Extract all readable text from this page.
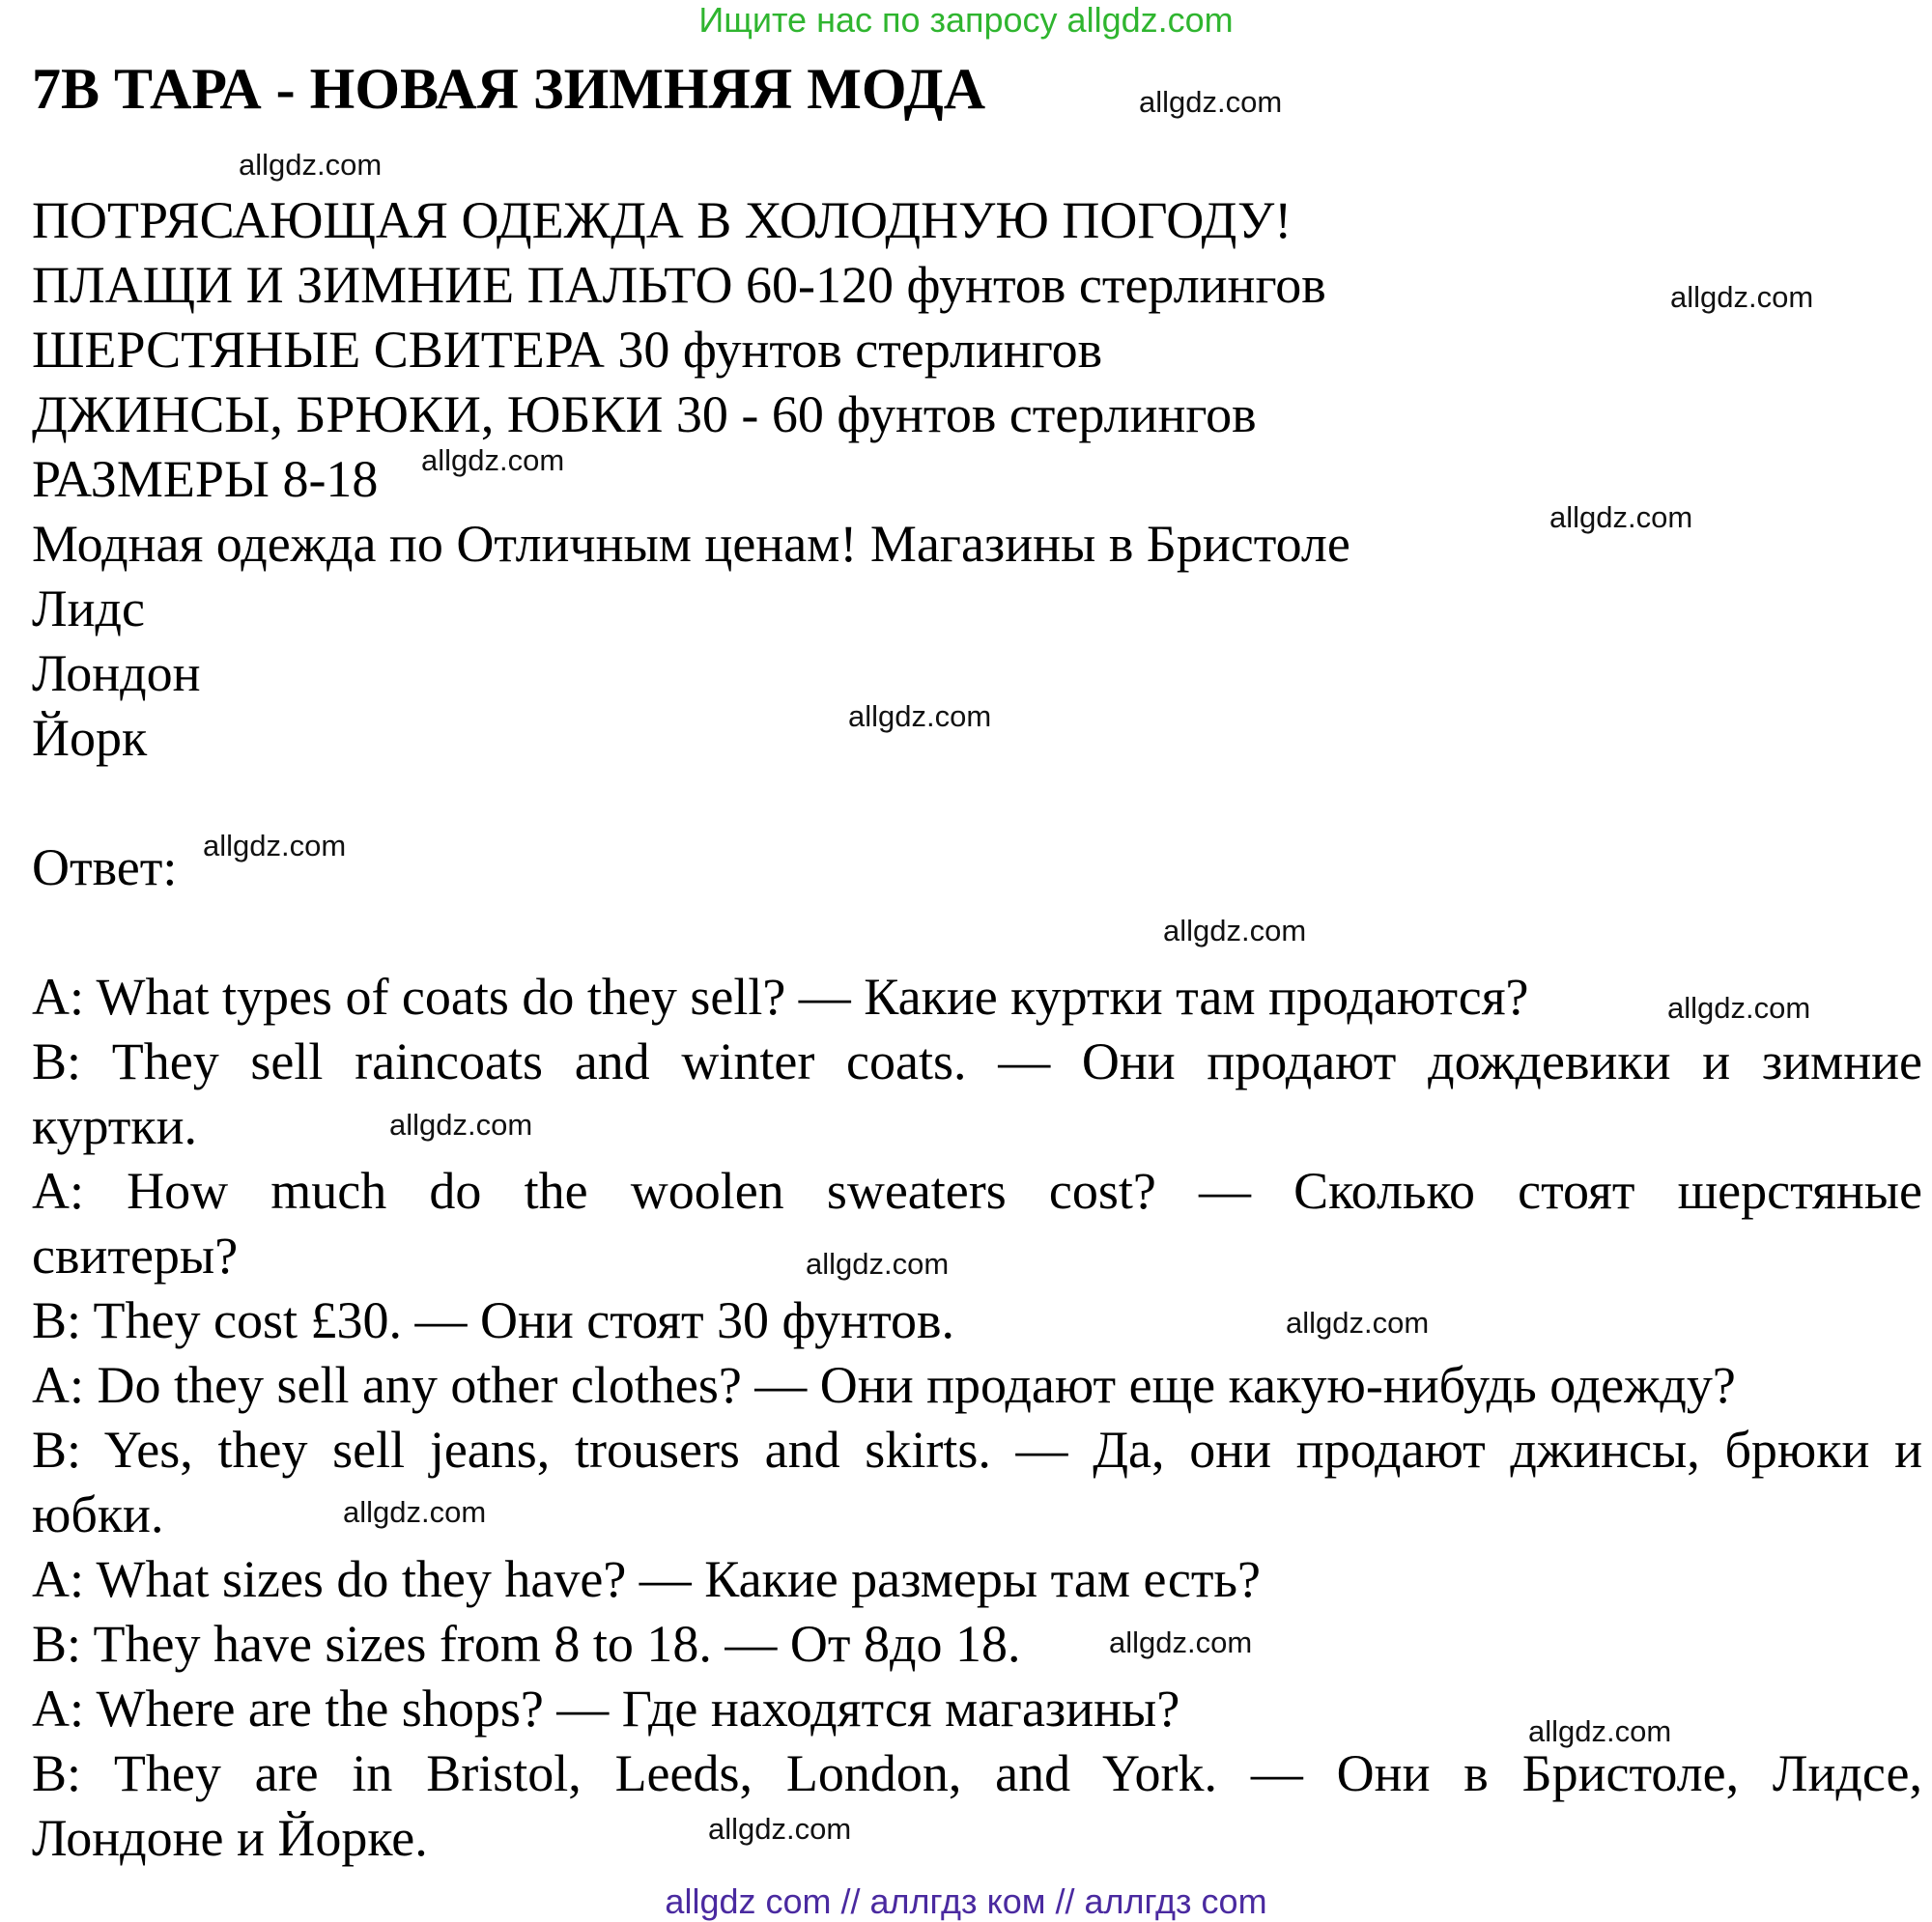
Ищите нас по запросу allgdz.com
7B ТАРА - НОВАЯ ЗИМНЯЯ МОДА
ПОТРЯСАЮЩАЯ ОДЕЖДА В ХОЛОДНУЮ ПОГОДУ!
ПЛАЩИ И ЗИМНИЕ ПАЛЬТО 60-120 фунтов стерлингов
ШЕРСТЯНЫЕ СВИТЕРА 30 фунтов стерлингов
ДЖИНСЫ, БРЮКИ, ЮБКИ 30 - 60 фунтов стерлингов
РАЗМЕРЫ 8-18
Модная одежда по Отличным ценам! Магазины в Бристоле
Лидс
Лондон
Йорк
Ответ:
A: What types of coats do they sell? — Какие куртки там продаются?
B: They sell raincoats and winter coats. — Они продают дождевики и зимние
куртки.
A: How much do the woolen sweaters cost? — Сколько стоят шерстяные
свитеры?
B: They cost £30. — Они стоят 30 фунтов.
A: Do they sell any other clothes? — Они продают еще какую-нибудь одежду?
B: Yes, they sell jeans, trousers and skirts. — Да, они продают джинсы, брюки и
юбки.
A: What sizes do they have? — Какие размеры там есть?
B: They have sizes from 8 to 18. — От 8до 18.
A: Where are the shops? — Где находятся магазины?
B: They are in Bristol, Leeds, London, and York. — Они в Бристоле, Лидсе,
Лондоне и Йорке.
allgdz.com
allgdz.com
allgdz.com
allgdz.com
allgdz.com
allgdz.com
allgdz.com
allgdz.com
allgdz.com
allgdz.com
allgdz.com
allgdz.com
allgdz.com
allgdz.com
allgdz.com
allgdz.com
allgdz com // аллгдз ком // аллгдз com
